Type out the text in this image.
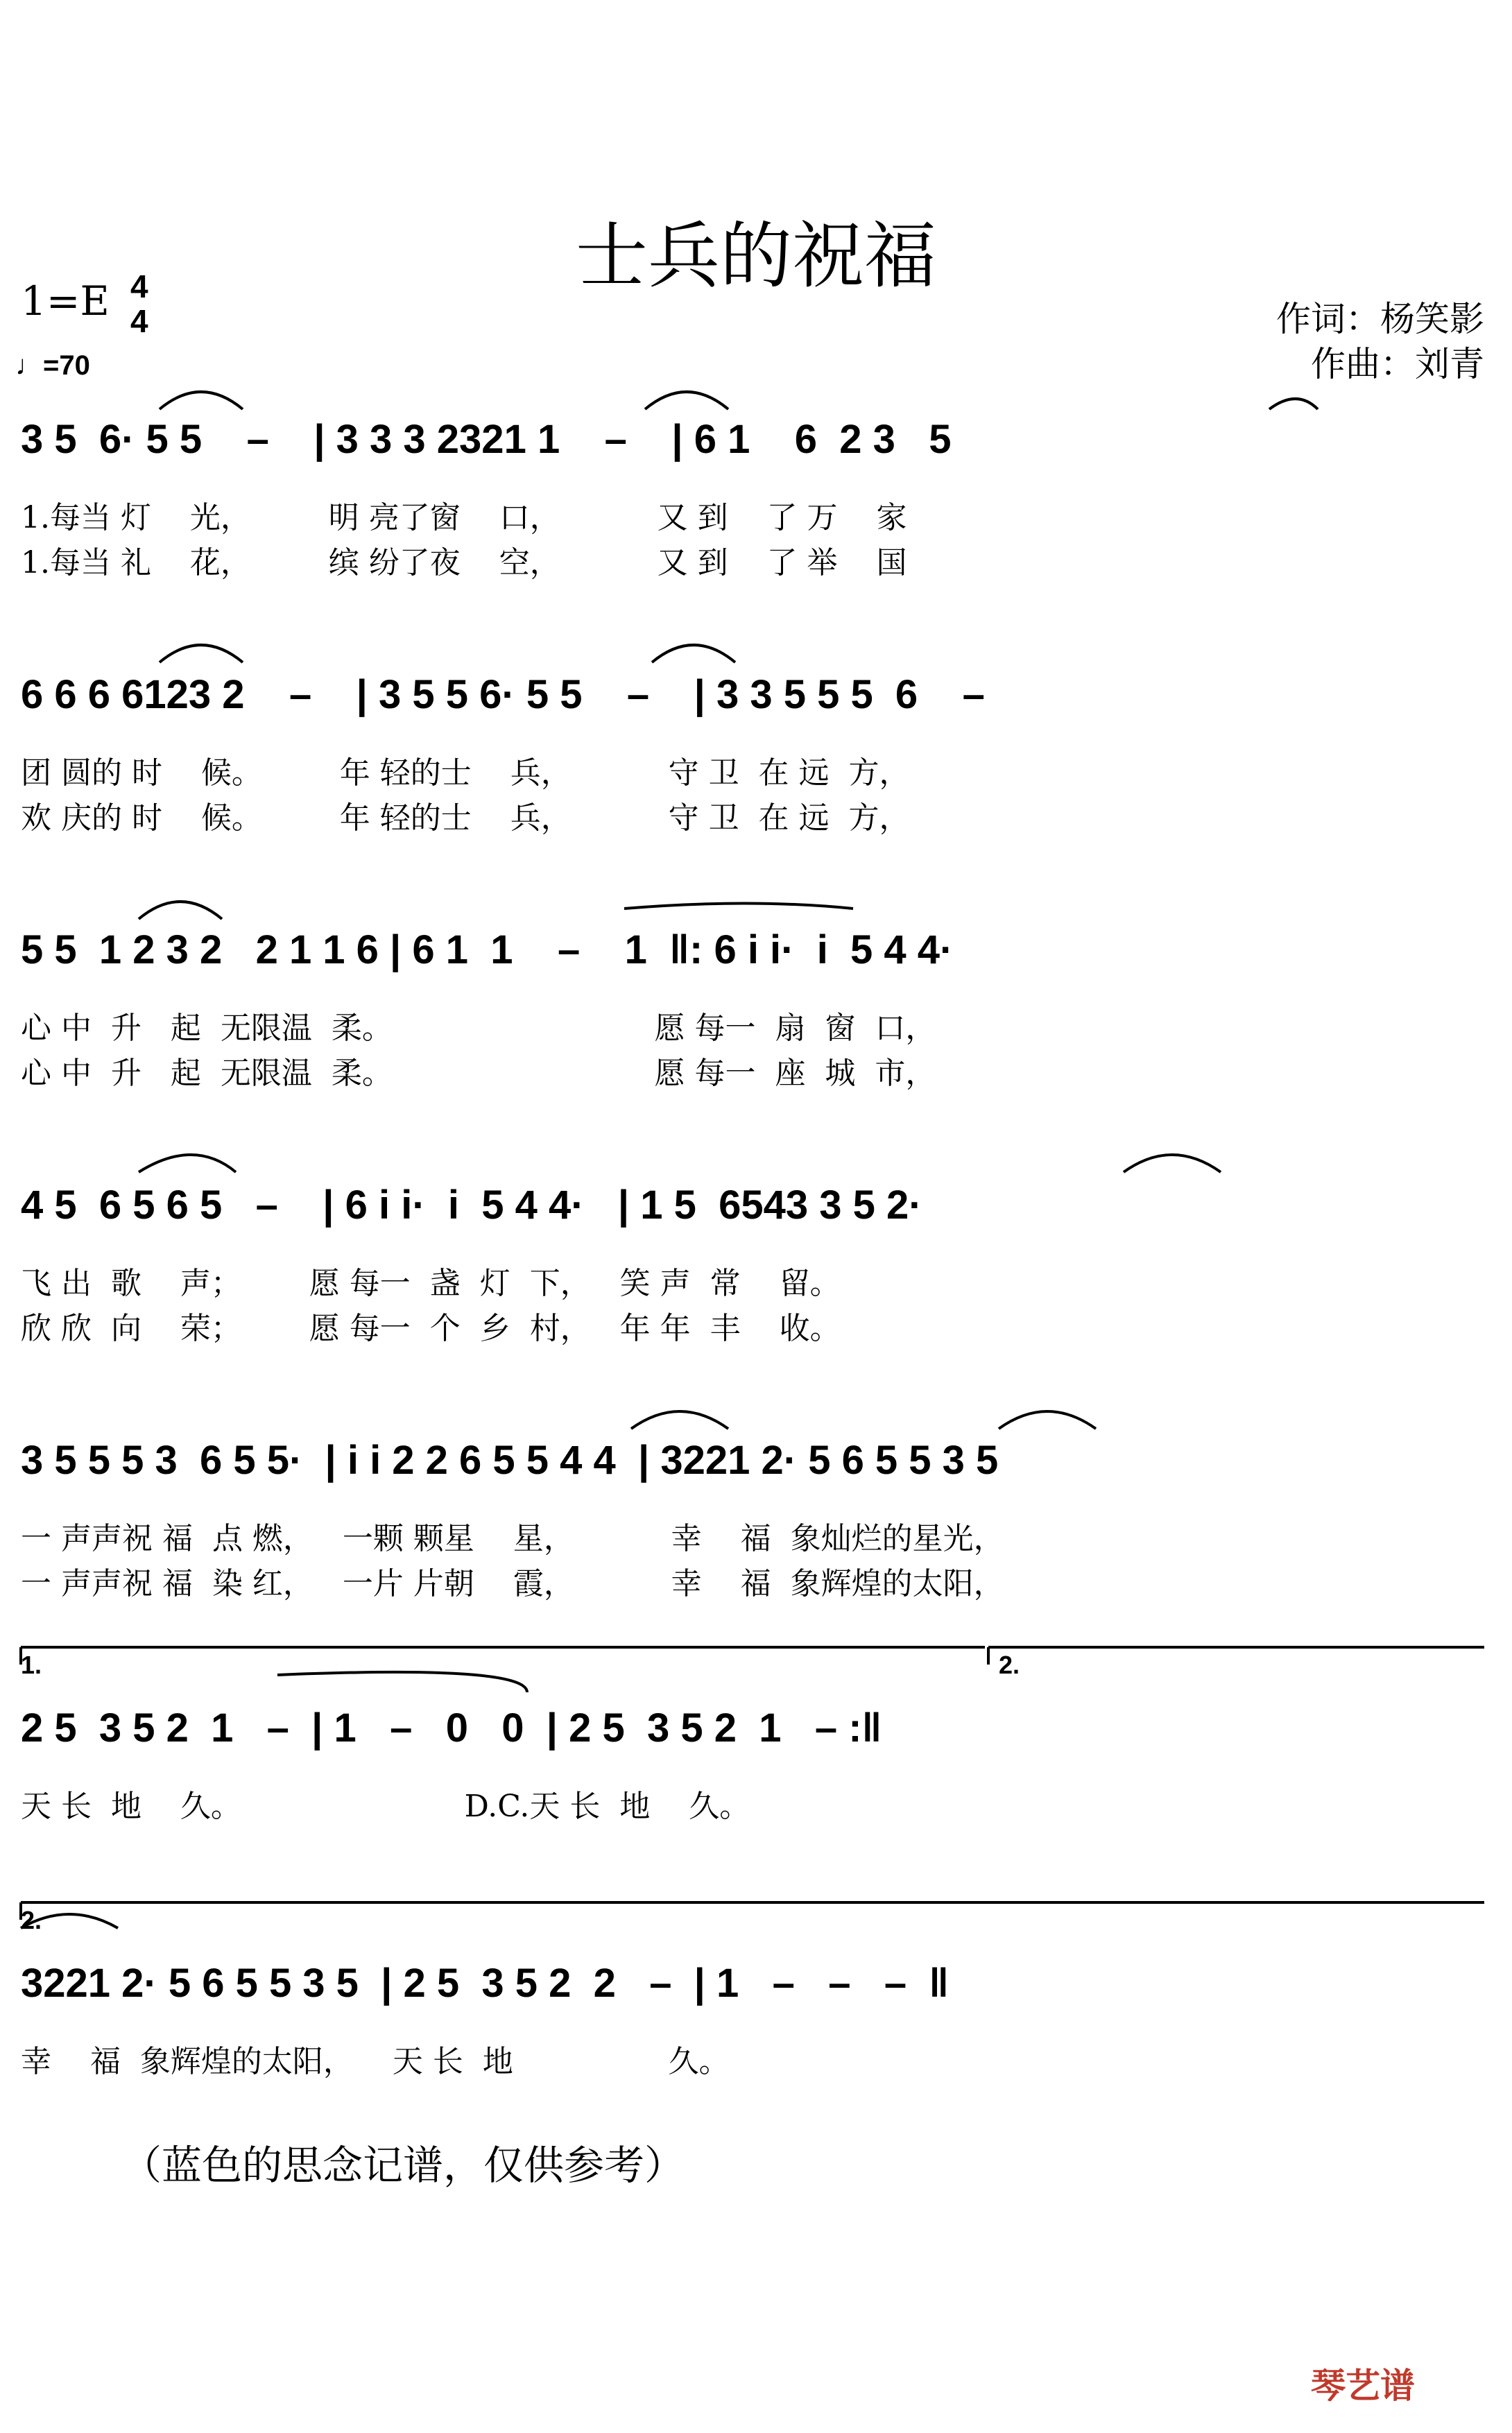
士兵的祝福
1=E 4
4
♩=70
作词：杨笑影
作曲：刘青
3 5  6· 5 5    –    | 3 3 3 2321 1    –    | 6 1    6  2 3   5
1.每当 灯    光，        明 亮了窗    口，          又 到    了 万    家
1.每当 礼    花，        缤 纷了夜    空，          又 到    了 举    国
6 6 6 6123 2    –    | 3 5 5 6· 5 5    –    | 3 3 5 5 5  6    –
团 圆的 时    候。        年 轻的士    兵，          守 卫  在 远  方，
欢 庆的 时    候。        年 轻的士    兵，          守 卫  在 远  方，
5 5  1 2 3 2   2 1 1 6 | 6 1  1    –    1  ‖: 6 i i·  i  5 4 4·
心 中  升   起  无限温  柔。                           愿 每一  扇  窗  口，
心 中  升   起  无限温  柔。                           愿 每一  座  城  市，
4 5  6 5 6 5   –    | 6 i i·  i  5 4 4·   | 1 5  6543 3 5 2·
飞 出  歌    声；       愿 每一  盏  灯  下，   笑 声  常    留。
欣 欣  向    荣；       愿 每一  个  乡  村，   年 年  丰    收。
3 5 5 5 3  6 5 5·  | i i 2 2 6 5 5 4 4  | 3221 2· 5 6 5 5 3 5
一 声声祝 福  点 燃，   一颗 颗星    星，          幸    福  象灿烂的星光，
一 声声祝 福  染 红，   一片 片朝    霞，          幸    福  象辉煌的太阳，
1.	2.
2 5  3 5 2  1   –  | 1   –   0   0  | 2 5  3 5 2  1   – :‖
天 长  地    久。                       D.C.天 长  地    久。
2.
3221 2· 5 6 5 5 3 5  | 2 5  3 5 2  2   –  | 1   –   –   –  ‖
幸    福  象辉煌的太阳，    天 长  地                久。
（蓝色的思念记谱，仅供参考）
琴艺谱
